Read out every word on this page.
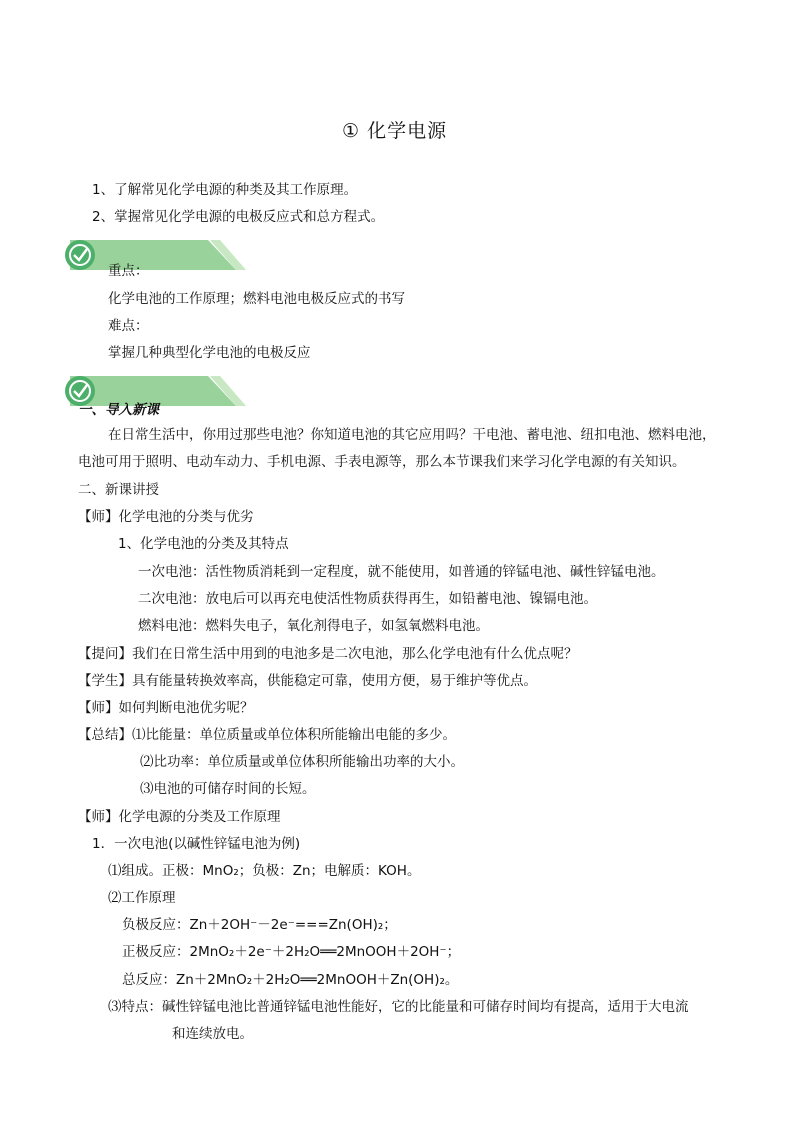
① 化学电源
1、了解常见化学电源的种类及其工作原理。
2、掌握常见化学电源的电极反应式和总方程式。
重点：
化学电池的工作原理；燃料电池电极反应式的书写
难点：
掌握几种典型化学电池的电极反应
一、导入新课
在日常生活中，你用过那些电池？你知道电池的其它应用吗？干电池、蓄电池、纽扣电池、燃料电池，
电池可用于照明、电动车动力、手机电源、手表电源等，那么本节课我们来学习化学电源的有关知识。
二、新课讲授
【师】化学电池的分类与优劣
1、化学电池的分类及其特点
一次电池：活性物质消耗到一定程度，就不能使用，如普通的锌锰电池、碱性锌锰电池。
二次电池：放电后可以再充电使活性物质获得再生，如铅蓄电池、镍镉电池。
燃料电池：燃料失电子，氧化剂得电子，如氢氧燃料电池。
【提问】我们在日常生活中用到的电池多是二次电池，那么化学电池有什么优点呢？
【学生】具有能量转换效率高，供能稳定可靠，使用方便，易于维护等优点。
【师】如何判断电池优劣呢？
【总结】⑴比能量：单位质量或单位体积所能输出电能的多少。
⑵比功率：单位质量或单位体积所能输出功率的大小。
⑶电池的可储存时间的长短。
【师】化学电源的分类及工作原理
1．一次电池(以碱性锌锰电池为例)
⑴组成。正极：MnO₂；负极：Zn；电解质：KOH。
⑵工作原理
负极反应：Zn＋2OH⁻－2e⁻===Zn(OH)₂；
正极反应：2MnO₂＋2e⁻＋2H₂O══2MnOOH＋2OH⁻；
总反应：Zn＋2MnO₂＋2H₂O══2MnOOH＋Zn(OH)₂。
⑶特点：碱性锌锰电池比普通锌锰电池性能好，它的比能量和可储存时间均有提高，适用于大电流
和连续放电。
